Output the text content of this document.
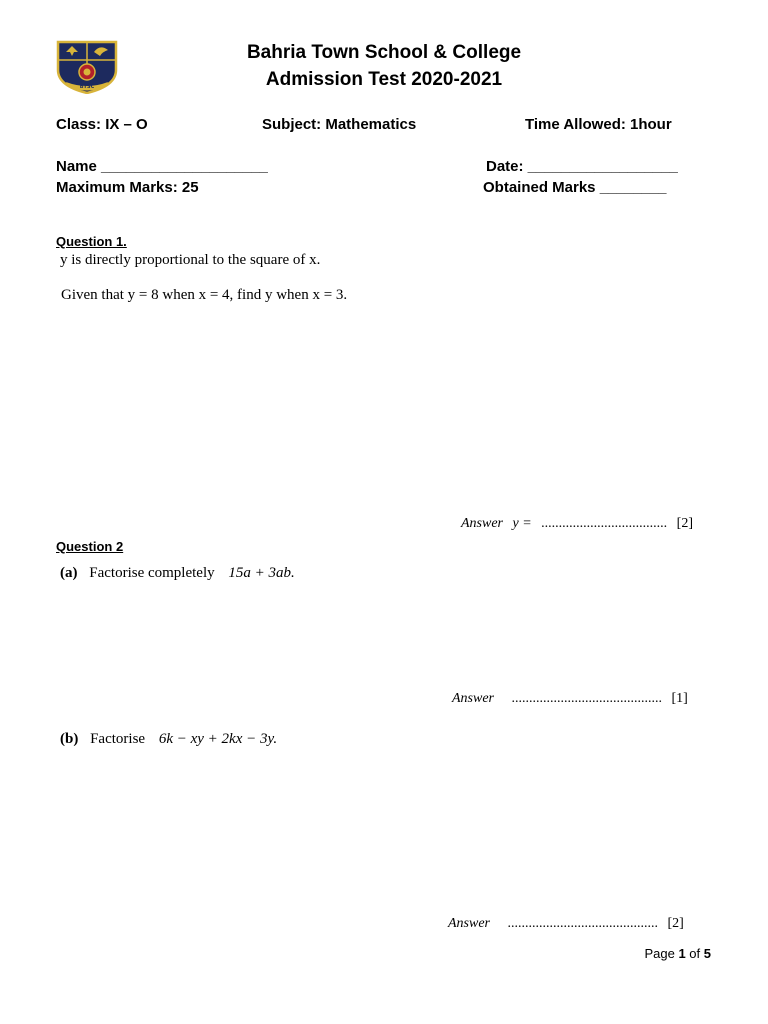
BTSC
Bahria Town School & College
Admission Test 2020-2021
Class: IX – O	Subject: Mathematics	Time Allowed: 1hour
Name ____________________	Date: __________________
Maximum Marks: 25	Obtained Marks ________
Question 1.
y is directly proportional to the square of x.
Given that y = 8 when x = 4, find y when x = 3.
Answer y = .................................... [2]
Question 2
(a) Factorise completely 15a + 3ab.
Answer ........................................... [1]
(b) Factorise 6k − xy + 2kx − 3y.
Answer ........................................... [2]
Page 1 of 5
